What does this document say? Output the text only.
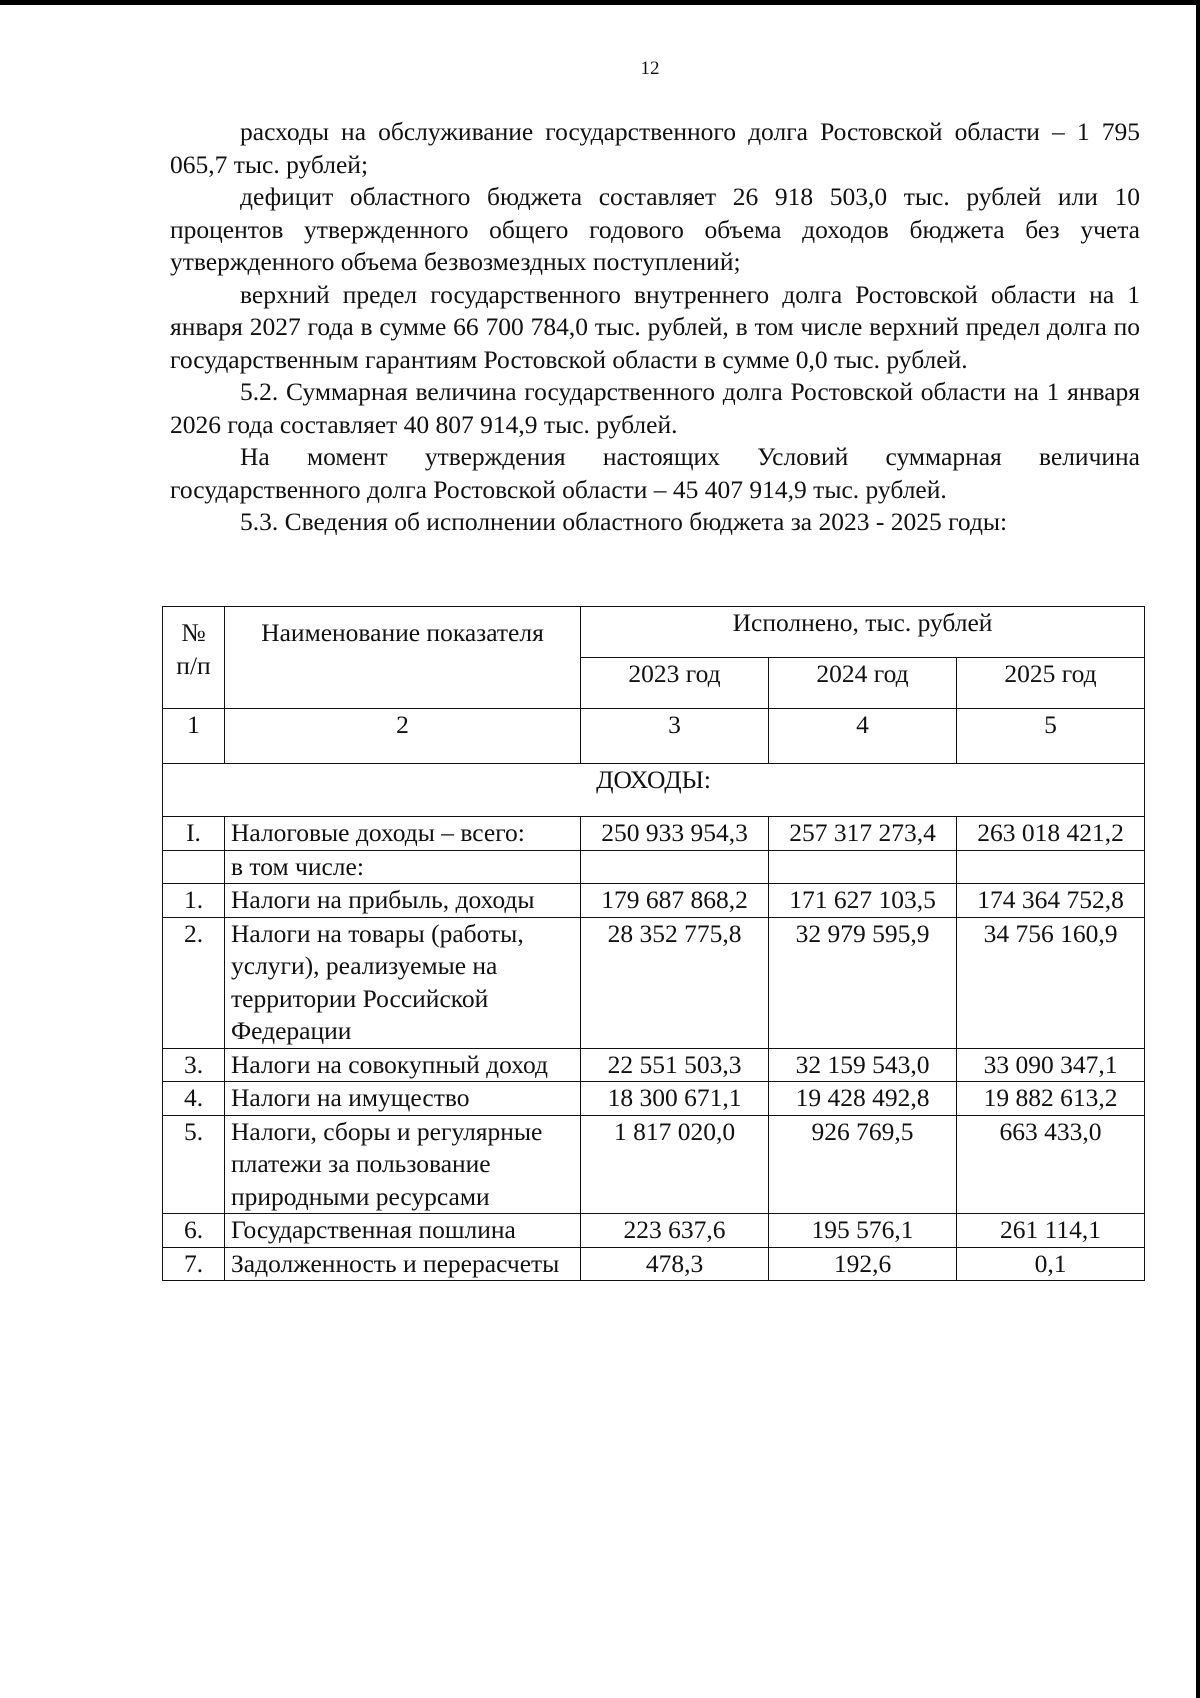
12

расходы на обслуживание государственного долга Ростовской области – 1 795 065,7 тыс. рублей;

дефицит областного бюджета составляет 26 918 503,0 тыс. рублей или 10 процентов утвержденного общего годового объема доходов бюджета без учета утвержденного объема безвозмездных поступлений;

верхний предел государственного внутреннего долга Ростовской области на 1 января 2027 года в сумме 66 700 784,0 тыс. рублей, в том числе верхний предел долга по государственным гарантиям Ростовской области в сумме 0,0 тыс. рублей.

5.2. Суммарная величина государственного долга Ростовской области на 1 января 2026 года составляет 40 807 914,9 тыс. рублей.

На момент утверждения настоящих Условий суммарная величина государственного долга Ростовской области – 45 407 914,9 тыс. рублей.

5.3. Сведения об исполнении областного бюджета за 2023 - 2025 годы:

№ п/п	Наименование показателя	Исполнено, тыс. рублей		
		2023 год	2024 год	2025 год
1	2	3	4	5
ДОХОДЫ:				
I.	Налоговые доходы – всего:	250 933 954,3	257 317 273,4	263 018 421,2
	в том числе:			
1.	Налоги на прибыль, доходы	179 687 868,2	171 627 103,5	174 364 752,8
2.	Налоги на товары (работы, услуги), реализуемые на территории Российской Федерации	28 352 775,8	32 979 595,9	34 756 160,9
3.	Налоги на совокупный доход	22 551 503,3	32 159 543,0	33 090 347,1
4.	Налоги на имущество	18 300 671,1	19 428 492,8	19 882 613,2
5.	Налоги, сборы и регулярные платежи за пользование природными ресурсами	1 817 020,0	926 769,5	663 433,0
6.	Государственная пошлина	223 637,6	195 576,1	261 114,1
7.	Задолженность и перерасчеты	478,3	192,6	0,1
